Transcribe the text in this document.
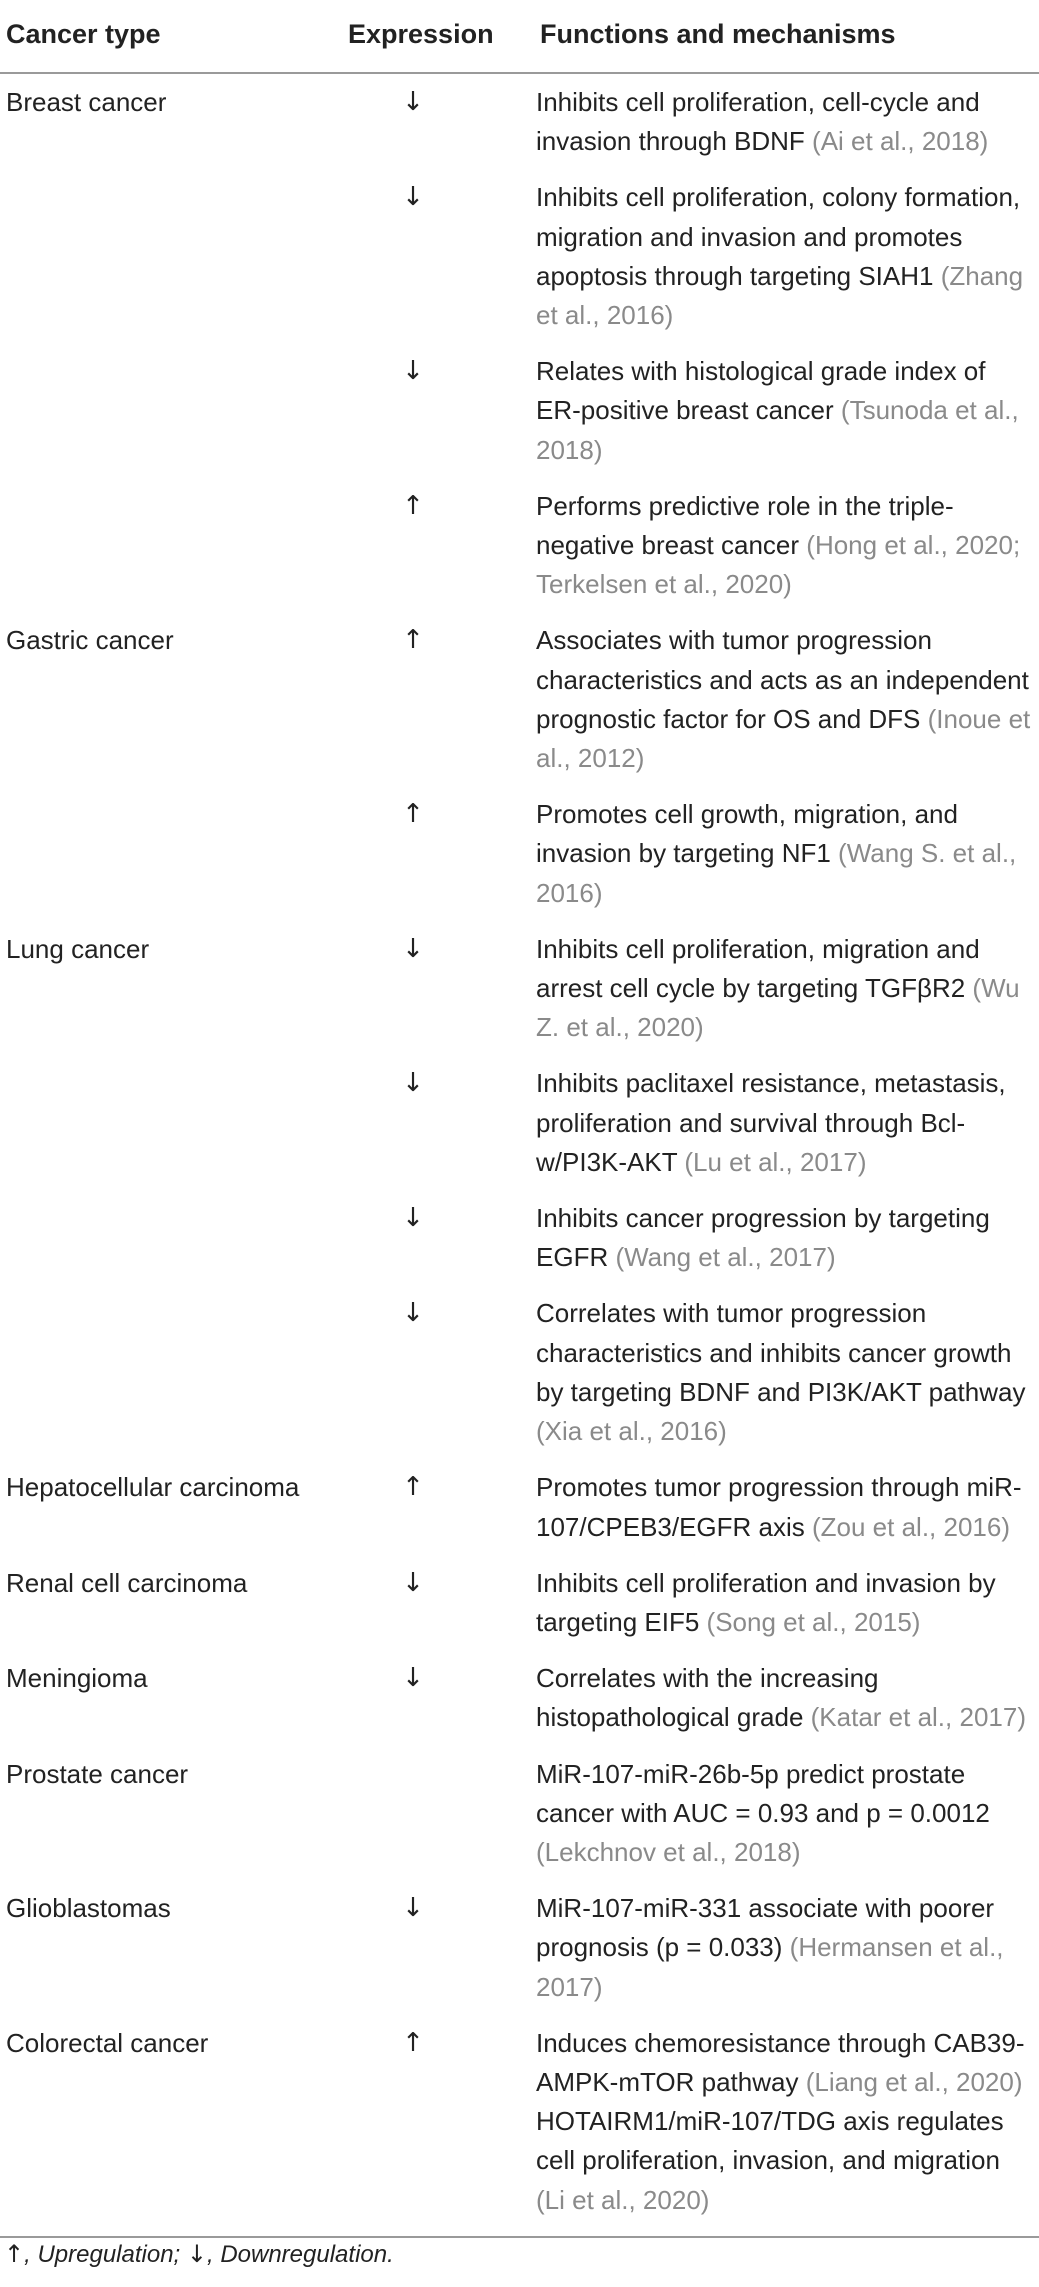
Cancer type	Expression	Functions and mechanisms
Breast cancer	↓	Inhibits cell proliferation, cell-cycle and invasion through BDNF (Ai et al., 2018)
	↓	Inhibits cell proliferation, colony formation, migration and invasion and promotes apoptosis through targeting SIAH1 (Zhang et al., 2016)
	↓	Relates with histological grade index of ER-positive breast cancer (Tsunoda et al., 2018)
	↑	Performs predictive role in the triple-negative breast cancer (Hong et al., 2020; Terkelsen et al., 2020)
Gastric cancer	↑	Associates with tumor progression characteristics and acts as an independent prognostic factor for OS and DFS (Inoue et al., 2012)
	↑	Promotes cell growth, migration, and invasion by targeting NF1 (Wang S. et al., 2016)
Lung cancer	↓	Inhibits cell proliferation, migration and arrest cell cycle by targeting TGFβR2 (Wu Z. et al., 2020)
	↓	Inhibits paclitaxel resistance, metastasis, proliferation and survival through Bcl-w/PI3K-AKT (Lu et al., 2017)
	↓	Inhibits cancer progression by targeting EGFR (Wang et al., 2017)
	↓	Correlates with tumor progression characteristics and inhibits cancer growth by targeting BDNF and PI3K/AKT pathway (Xia et al., 2016)
Hepatocellular carcinoma	↑	Promotes tumor progression through miR-107/CPEB3/EGFR axis (Zou et al., 2016)
Renal cell carcinoma	↓	Inhibits cell proliferation and invasion by targeting EIF5 (Song et al., 2015)
Meningioma	↓	Correlates with the increasing histopathological grade (Katar et al., 2017)
Prostate cancer		MiR-107-miR-26b-5p predict prostate cancer with AUC = 0.93 and p = 0.0012 (Lekchnov et al., 2018)
Glioblastomas	↓	MiR-107-miR-331 associate with poorer prognosis (p = 0.033) (Hermansen et al., 2017)
Colorectal cancer	↑	Induces chemoresistance through CAB39-AMPK-mTOR pathway (Liang et al., 2020) HOTAIRM1/miR-107/TDG axis regulates cell proliferation, invasion, and migration (Li et al., 2020)
↑, Upregulation; ↓, Downregulation.
